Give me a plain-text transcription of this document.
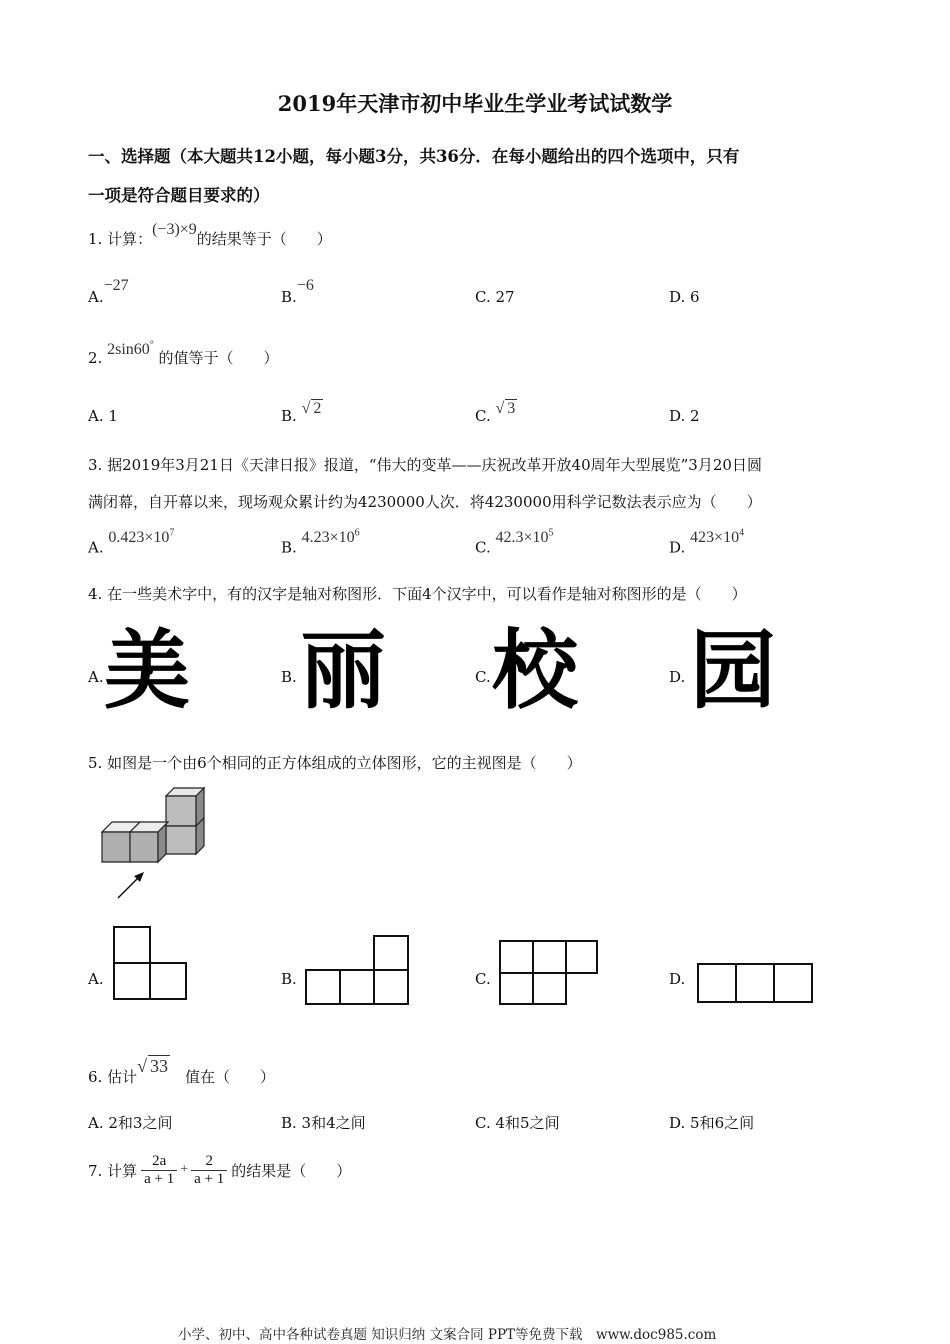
2019年天津市初中毕业生学业考试试数学
一、选择题（本大题共12小题，每小题3分，共36分．在每小题给出的四个选项中，只有
一项是符合题目要求的）
1. 计算：(−3)×9的结果等于（　　）
A.−27
B.−6
C. 27	D. 6
2. 2sin60° 的值等于（　　）
A. 1	B. √ 2	C. √ 3	D. 2
3. 据2019年3月21日《天津日报》报道，“伟大的变革——庆祝改革开放40周年大型展览”3月20日圆
满闭幕，自开幕以来，现场观众累计约为4230000人次．将4230000用科学记数法表示应为（　　）
A. $0.423\times 10^7$
B. $4.23\times 10^6$
C. $42.3\times 10^5$
D. $423\times 10^4$
4. 在一些美术字中，有的汉字是轴对称图形．下面4个汉字中，可以看作是轴对称图形的是（　　）
A. 美	B. 丽	C. 校	D. 园
5. 如图是一个由6个相同的正方体组成的立体图形，它的主视图是（　　）
A.	B.	C.	D.
6. 估计√ 33　值在（　　）
A. 2和3之间	B. 3和4之间	C. 4和5之间	D. 5和6之间
7. 计算 $\frac{2a}{a + 1} + \frac{2}{a + 1}$ 的结果是（　　）
小学、初中、高中各种试卷真题 知识归纳 文案合同 PPT等免费下载　www.doc985.com
